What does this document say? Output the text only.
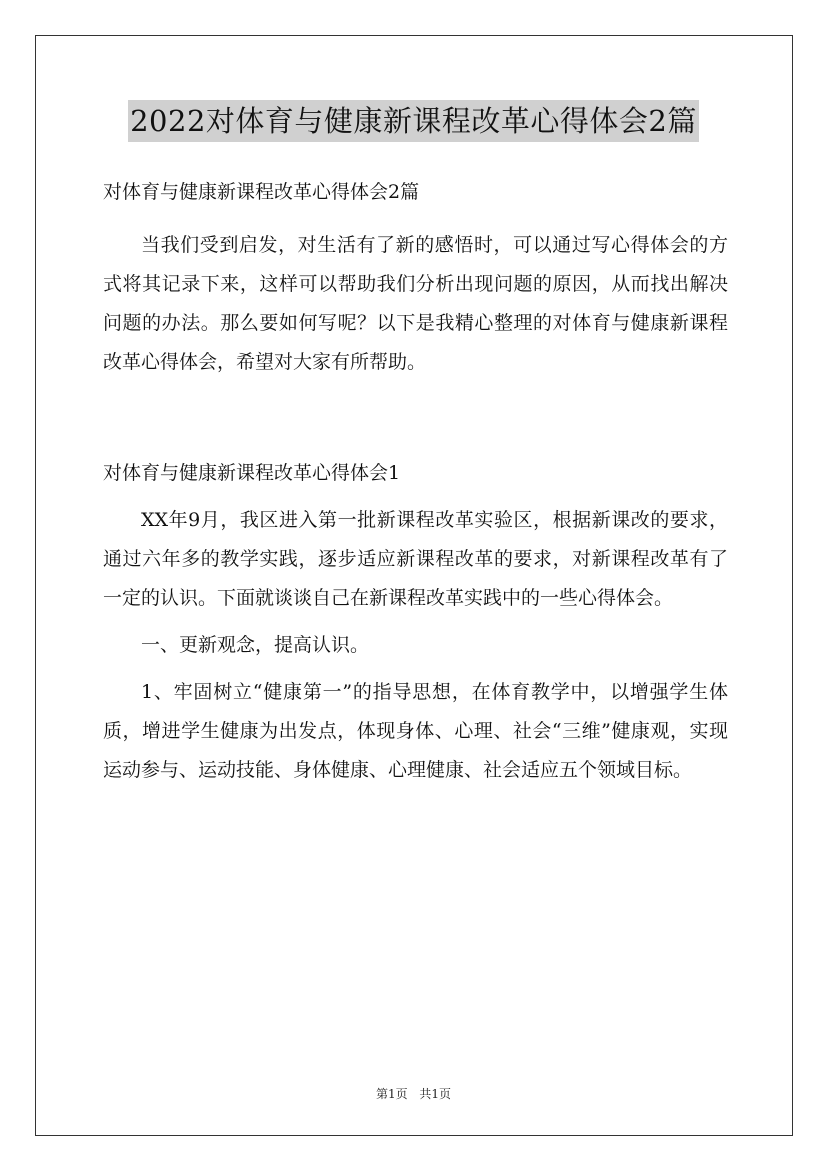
2022对体育与健康新课程改革心得体会2篇

对体育与健康新课程改革心得体会2篇

当我们受到启发，对生活有了新的感悟时，可以通过写心得体会的方式将其记录下来，这样可以帮助我们分析出现问题的原因，从而找出解决问题的办法。那么要如何写呢？以下是我精心整理的对体育与健康新课程改革心得体会，希望对大家有所帮助。

对体育与健康新课程改革心得体会1

XX年9月，我区进入第一批新课程改革实验区，根据新课改的要求，通过六年多的教学实践，逐步适应新课程改革的要求，对新课程改革有了一定的认识。下面就谈谈自己在新课程改革实践中的一些心得体会。

一、更新观念，提高认识。

1、牢固树立“健康第一”的指导思想，在体育教学中，以增强学生体质，增进学生健康为出发点，体现身体、心理、社会“三维”健康观，实现运动参与、运动技能、身体健康、心理健康、社会适应五个领域目标。

第1页 共1页
